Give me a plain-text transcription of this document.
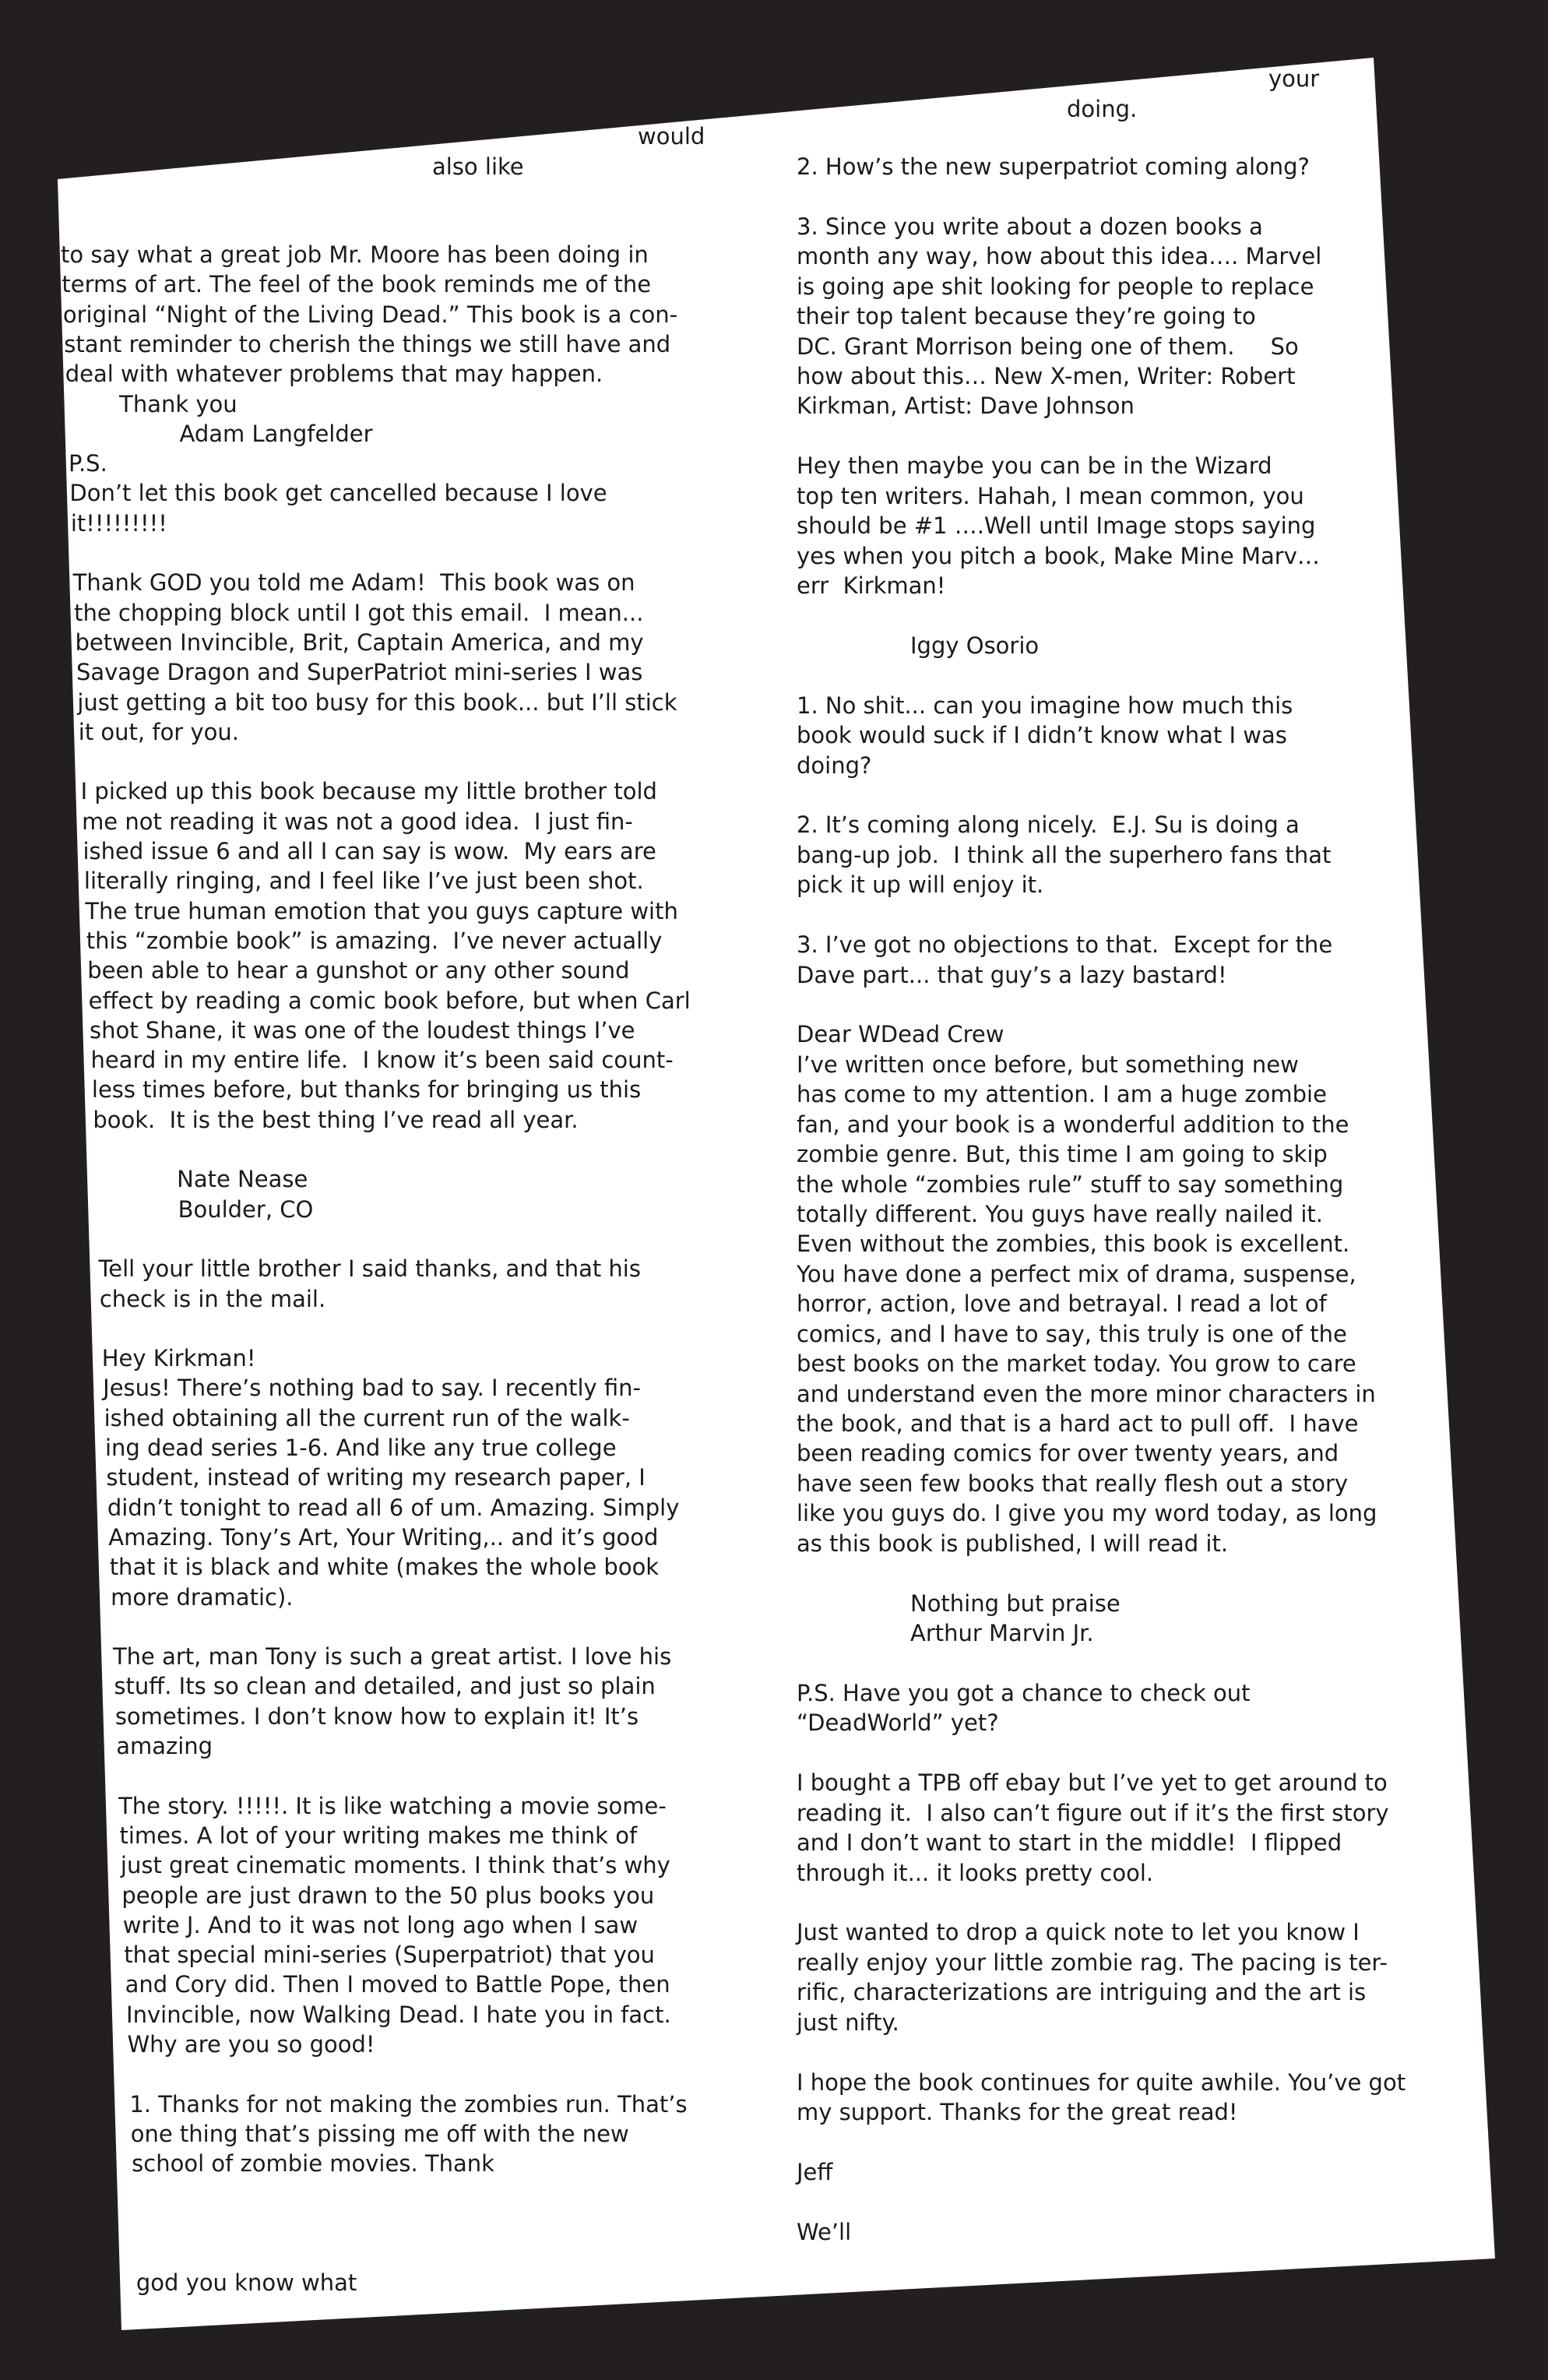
your
doing.
would
also like
to say what a great job Mr. Moore has been doing in
terms of art. The feel of the book reminds me of the
original “Night of the Living Dead.” This book is a con-
stant reminder to cherish the things we still have and
deal with whatever problems that may happen.
Thank you
Adam Langfelder
P.S.
Don’t let this book get cancelled because I love
it!!!!!!!!!
Thank GOD you told me Adam!  This book was on
the chopping block until I got this email.  I mean...
between Invincible, Brit, Captain America, and my
Savage Dragon and SuperPatriot mini-series I was
just getting a bit too busy for this book... but I’ll stick
it out, for you.
I picked up this book because my little brother told
me not reading it was not a good idea.  I just fin-
ished issue 6 and all I can say is wow.  My ears are
literally ringing, and I feel like I’ve just been shot.
The true human emotion that you guys capture with
this “zombie book” is amazing.  I’ve never actually
been able to hear a gunshot or any other sound
effect by reading a comic book before, but when Carl
shot Shane, it was one of the loudest things I’ve
heard in my entire life.  I know it’s been said count-
less times before, but thanks for bringing us this
book.  It is the best thing I’ve read all year.
Nate Nease
Boulder, CO
Tell your little brother I said thanks, and that his
check is in the mail.
Hey Kirkman!
Jesus! There’s nothing bad to say. I recently fin-
ished obtaining all the current run of the walk-
ing dead series 1-6. And like any true college
student, instead of writing my research paper, I
didn’t tonight to read all 6 of um. Amazing. Simply
Amazing. Tony’s Art, Your Writing,.. and it’s good
that it is black and white (makes the whole book
more dramatic).
The art, man Tony is such a great artist. I love his
stuff. Its so clean and detailed, and just so plain
sometimes. I don’t know how to explain it! It’s
amazing
The story. !!!!!. It is like watching a movie some-
times. A lot of your writing makes me think of
just great cinematic moments. I think that’s why
people are just drawn to the 50 plus books you
write J. And to it was not long ago when I saw
that special mini-series (Superpatriot) that you
and Cory did. Then I moved to Battle Pope, then
Invincible, now Walking Dead. I hate you in fact.
Why are you so good!
1. Thanks for not making the zombies run. That’s
one thing that’s pissing me off with the new
school of zombie movies. Thank
god you know what
2. How’s the new superpatriot coming along?
3. Since you write about a dozen books a
month any way, how about this idea…. Marvel
is going ape shit looking for people to replace
their top talent because they’re going to
DC. Grant Morrison being one of them.     So
how about this… New X-men, Writer: Robert
Kirkman, Artist: Dave Johnson
Hey then maybe you can be in the Wizard
top ten writers. Hahah, I mean common, you
should be #1 ….Well until Image stops saying
yes when you pitch a book, Make Mine Marv…
err  Kirkman!
Iggy Osorio
1. No shit... can you imagine how much this
book would suck if I didn’t know what I was
doing?
2. It’s coming along nicely.  E.J. Su is doing a
bang-up job.  I think all the superhero fans that
pick it up will enjoy it.
3. I’ve got no objections to that.  Except for the
Dave part... that guy’s a lazy bastard!
Dear WDead Crew
I’ve written once before, but something new
has come to my attention. I am a huge zombie
fan, and your book is a wonderful addition to the
zombie genre. But, this time I am going to skip
the whole “zombies rule” stuff to say something
totally different. You guys have really nailed it.
Even without the zombies, this book is excellent.
You have done a perfect mix of drama, suspense,
horror, action, love and betrayal. I read a lot of
comics, and I have to say, this truly is one of the
best books on the market today. You grow to care
and understand even the more minor characters in
the book, and that is a hard act to pull off.  I have
been reading comics for over twenty years, and
have seen few books that really flesh out a story
like you guys do. I give you my word today, as long
as this book is published, I will read it.
Nothing but praise
Arthur Marvin Jr.
P.S. Have you got a chance to check out
“DeadWorld” yet?
I bought a TPB off ebay but I’ve yet to get around to
reading it.  I also can’t figure out if it’s the first story
and I don’t want to start in the middle!  I flipped
through it... it looks pretty cool.
Just wanted to drop a quick note to let you know I
really enjoy your little zombie rag. The pacing is ter-
rific, characterizations are intriguing and the art is
just nifty.
I hope the book continues for quite awhile. You’ve got
my support. Thanks for the great read!
Jeff
We’ll
